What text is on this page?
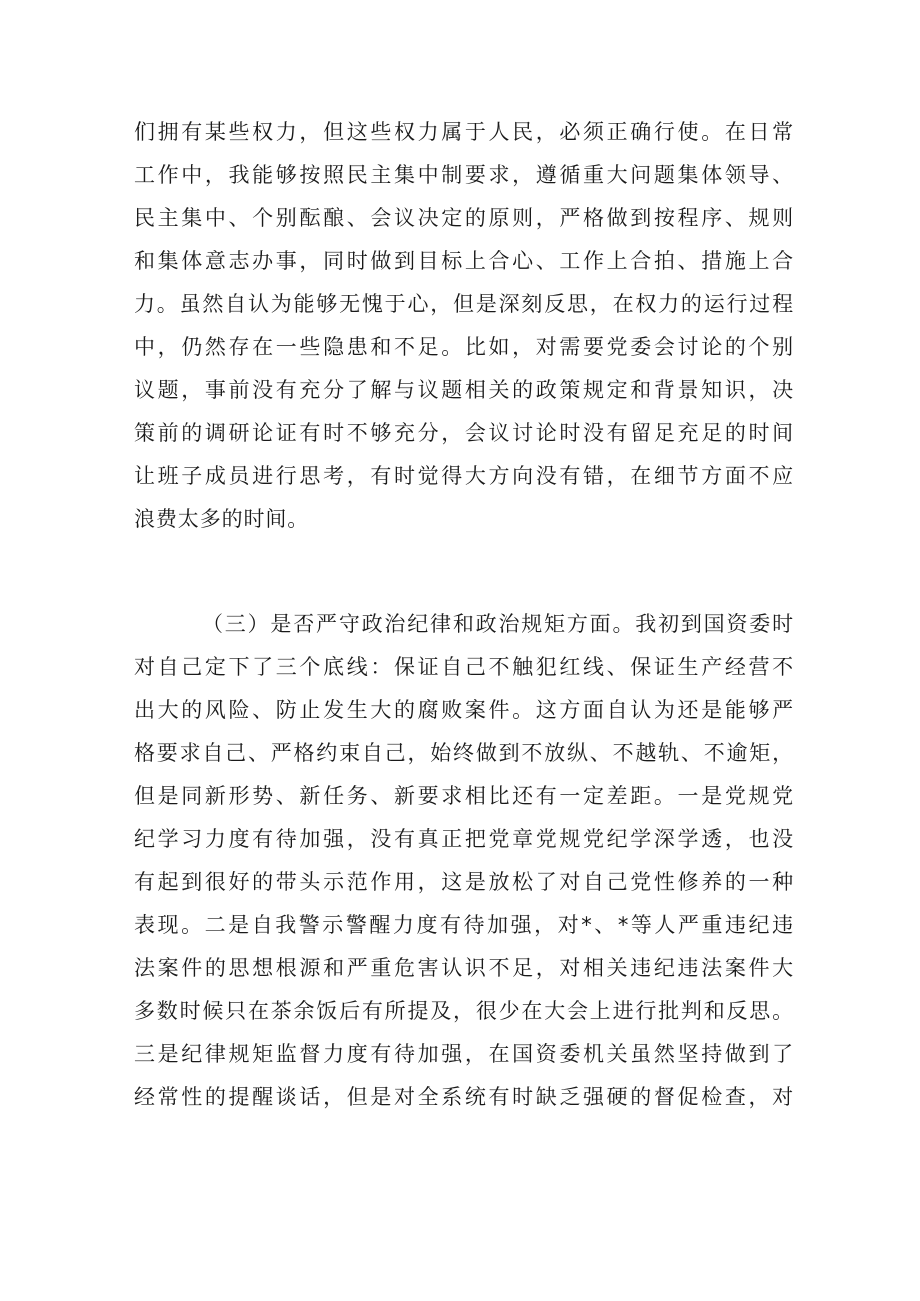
们拥有某些权力，但这些权力属于人民，必须正确行使。在日常
工作中，我能够按照民主集中制要求，遵循重大问题集体领导、
民主集中、个别酝酿、会议决定的原则，严格做到按程序、规则
和集体意志办事，同时做到目标上合心、工作上合拍、措施上合
力。虽然自认为能够无愧于心，但是深刻反思，在权力的运行过程
中，仍然存在一些隐患和不足。比如，对需要党委会讨论的个别
议题，事前没有充分了解与议题相关的政策规定和背景知识，决
策前的调研论证有时不够充分，会议讨论时没有留足充足的时间
让班子成员进行思考，有时觉得大方向没有错，在细节方面不应
浪费太多的时间。
（三）是否严守政治纪律和政治规矩方面。我初到国资委时
对自己定下了三个底线：保证自己不触犯红线、保证生产经营不
出大的风险、防止发生大的腐败案件。这方面自认为还是能够严
格要求自己、严格约束自己，始终做到不放纵、不越轨、不逾矩，
但是同新形势、新任务、新要求相比还有一定差距。一是党规党
纪学习力度有待加强，没有真正把党章党规党纪学深学透，也没
有起到很好的带头示范作用，这是放松了对自己党性修养的一种
表现。二是自我警示警醒力度有待加强，对*、*等人严重违纪违
法案件的思想根源和严重危害认识不足，对相关违纪违法案件大
多数时候只在茶余饭后有所提及，很少在大会上进行批判和反思。
三是纪律规矩监督力度有待加强，在国资委机关虽然坚持做到了
经常性的提醒谈话，但是对全系统有时缺乏强硬的督促检查，对
